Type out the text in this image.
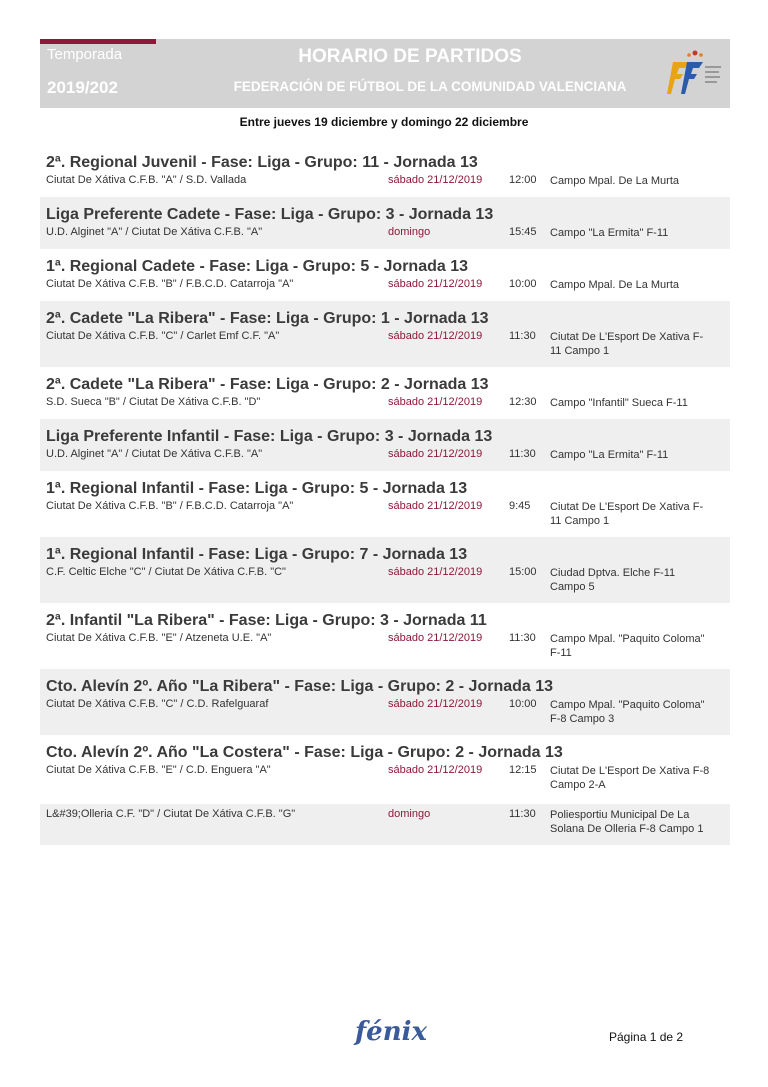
Temporada
2019/202
HORARIO DE PARTIDOS
FEDERACIÓN DE FÚTBOL DE LA COMUNIDAD VALENCIANA
Entre jueves 19 diciembre y domingo 22 diciembre
2ª. Regional Juvenil - Fase: Liga - Grupo: 11 - Jornada 13
Ciutat De Xátiva C.F.B. "A" / S.D. Vallada	sábado 21/12/2019 12:00 Campo Mpal. De La Murta
Liga Preferente Cadete - Fase: Liga - Grupo: 3 - Jornada 13
U.D. Alginet "A" / Ciutat De Xátiva C.F.B. "A"	domingo	15:45 Campo "La Ermita" F-11
1ª. Regional Cadete - Fase: Liga - Grupo: 5 - Jornada 13
Ciutat De Xátiva C.F.B. "B" / F.B.C.D. Catarroja "A"	sábado 21/12/2019 10:00 Campo Mpal. De La Murta
2ª. Cadete "La Ribera" - Fase: Liga - Grupo: 1 - Jornada 13
Ciutat De Xátiva C.F.B. "C" / Carlet Emf C.F. "A"	sábado 21/12/2019 11:30 Ciutat De L'Esport De Xativa F-11 Campo 1
2ª. Cadete "La Ribera" - Fase: Liga - Grupo: 2 - Jornada 13
S.D. Sueca "B" / Ciutat De Xátiva C.F.B. "D"	sábado 21/12/2019 12:30 Campo "Infantil" Sueca F-11
Liga Preferente Infantil - Fase: Liga - Grupo: 3 - Jornada 13
U.D. Alginet "A" / Ciutat De Xátiva C.F.B. "A"	sábado 21/12/2019 11:30 Campo "La Ermita" F-11
1ª. Regional Infantil - Fase: Liga - Grupo: 5 - Jornada 13
Ciutat De Xátiva C.F.B. "B" / F.B.C.D. Catarroja "A"	sábado 21/12/2019 9:45 Ciutat De L'Esport De Xativa F-11 Campo 1
1ª. Regional Infantil - Fase: Liga - Grupo: 7 - Jornada 13
C.F. Celtic Elche "C" / Ciutat De Xátiva C.F.B. "C"	sábado 21/12/2019 15:00 Ciudad Dptva. Elche F-11 Campo 5
2ª. Infantil "La Ribera" - Fase: Liga - Grupo: 3 - Jornada 11
Ciutat De Xátiva C.F.B. "E" / Atzeneta U.E. "A"	sábado 21/12/2019 11:30 Campo Mpal. "Paquito Coloma" F-11
Cto. Alevín 2º. Año "La Ribera" - Fase: Liga - Grupo: 2 - Jornada 13
Ciutat De Xátiva C.F.B. "C" / C.D. Rafelguaraf	sábado 21/12/2019 10:00 Campo Mpal. "Paquito Coloma" F-8 Campo 3
Cto. Alevín 2º. Año "La Costera" - Fase: Liga - Grupo: 2 - Jornada 13
Ciutat De Xátiva C.F.B. "E" / C.D. Enguera "A"	sábado 21/12/2019 12:15 Ciutat De L'Esport De Xativa F-8 Campo 2-A
L&#39;Olleria C.F. "D" / Ciutat De Xátiva C.F.B. "G"	domingo	11:30 Poliesportiu Municipal De La Solana De Olleria F-8 Campo 1
fénix	Página 1 de 2
